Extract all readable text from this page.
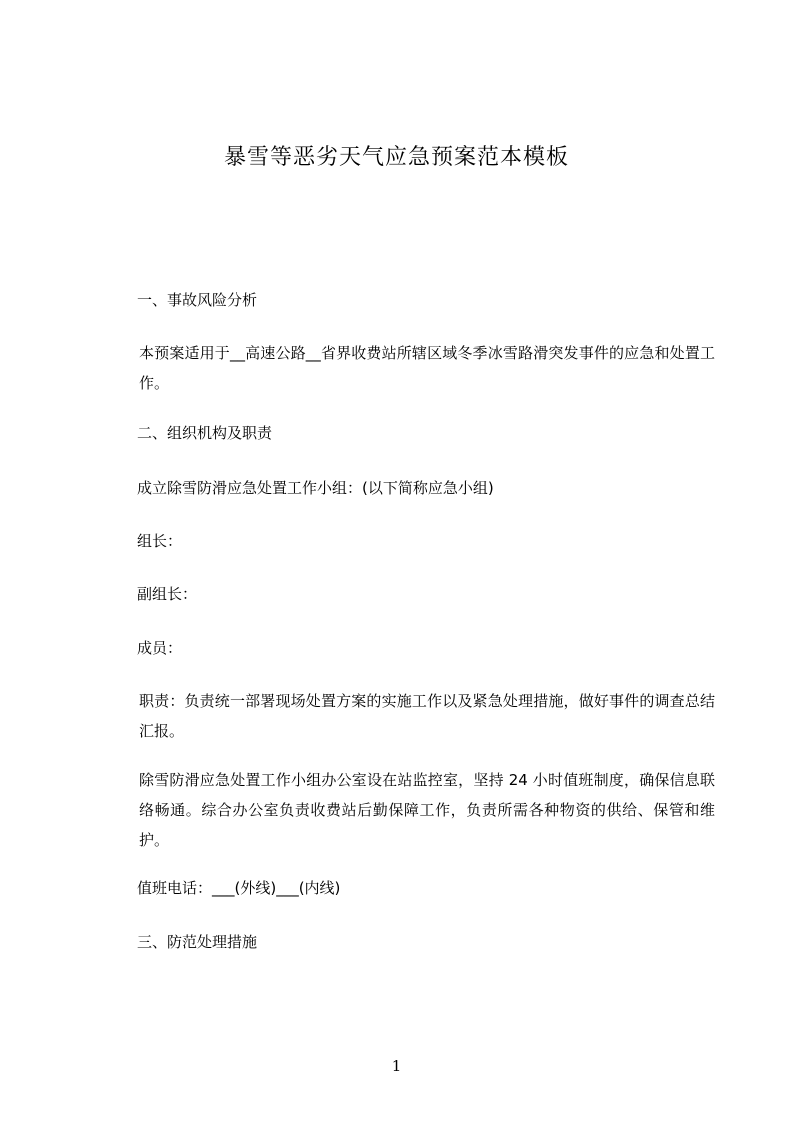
暴雪等恶劣天气应急预案范本模板
一、事故风险分析
本预案适用于__高速公路__省界收费站所辖区域冬季冰雪路滑突发事件的应急和处置工作。
二、组织机构及职责
成立除雪防滑应急处置工作小组：(以下简称应急小组)
组长：
副组长：
成员：
职责：负责统一部署现场处置方案的实施工作以及紧急处理措施，做好事件的调查总结汇报。
除雪防滑应急处置工作小组办公室设在站监控室，坚持 24 小时值班制度，确保信息联络畅通。综合办公室负责收费站后勤保障工作，负责所需各种物资的供给、保管和维护。
值班电话：___(外线)___(内线)
三、防范处理措施
1
